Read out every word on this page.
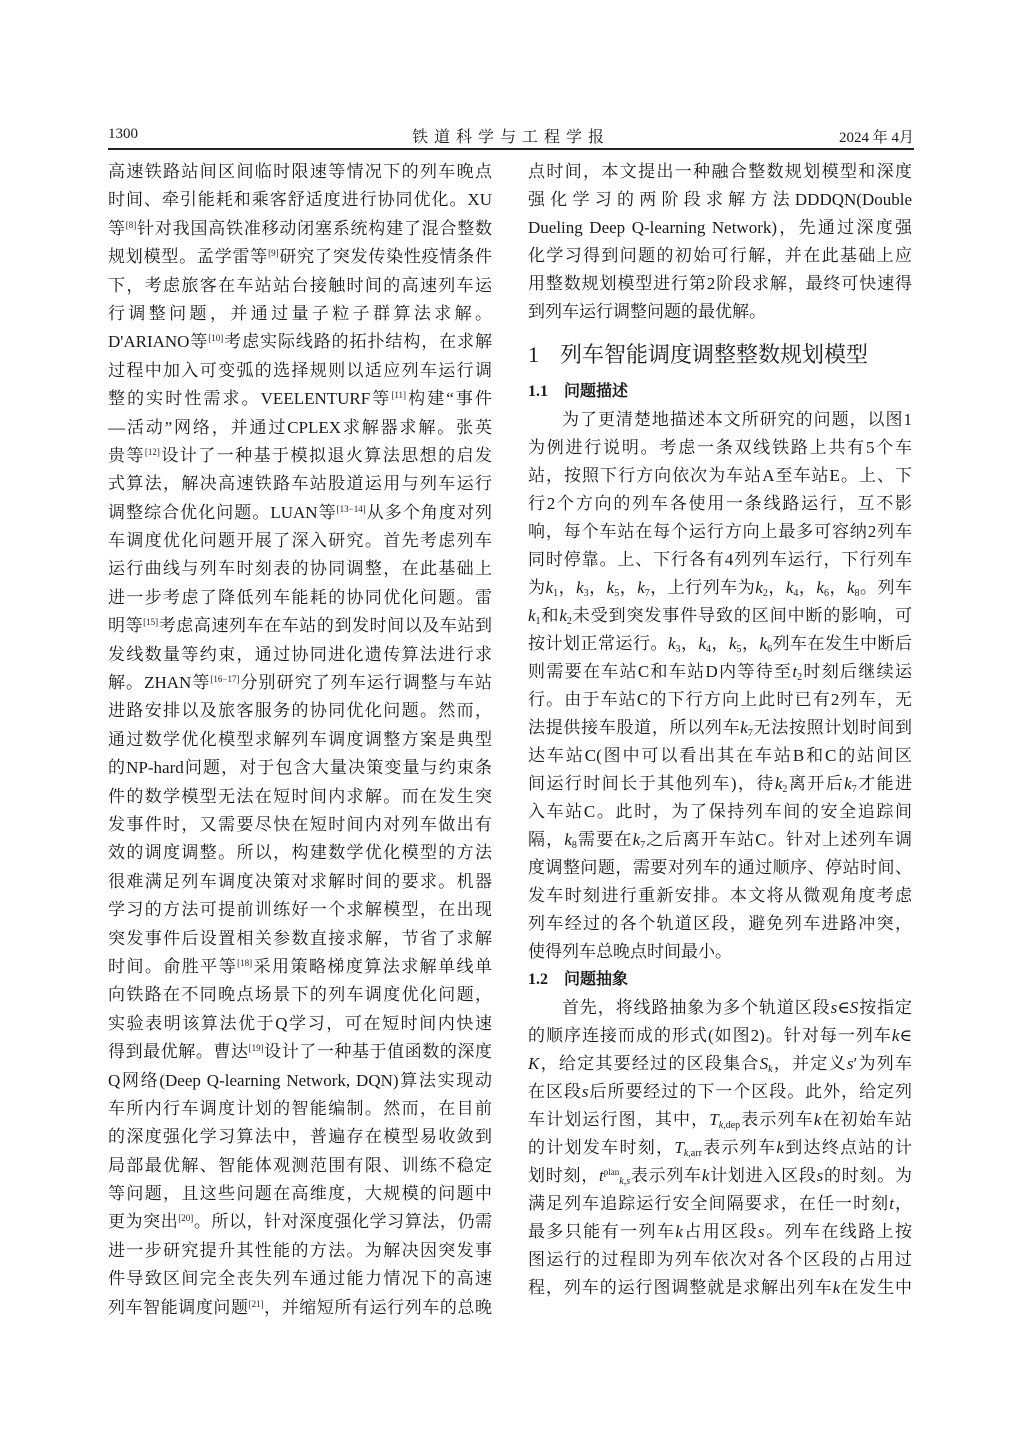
1300	铁道科学与工程学报	2024 年 4月
高速铁路站间区间临时限速等情况下的列车晚点
时间、牵引能耗和乘客舒适度进行协同优化。XU
等[8]针对我国高铁准移动闭塞系统构建了混合整数
规划模型。孟学雷等[9]研究了突发传染性疫情条件
下，考虑旅客在车站站台接触时间的高速列车运
行调整问题，并通过量子粒子群算法求解。
D'ARIANO等[10]考虑实际线路的拓扑结构，在求解
过程中加入可变弧的选择规则以适应列车运行调
整的实时性需求。VEELENTURF等[11]构建“事件
—活动”网络，并通过CPLEX求解器求解。张英
贵等[12]设计了一种基于模拟退火算法思想的启发
式算法，解决高速铁路车站股道运用与列车运行
调整综合优化问题。LUAN等[13−14]从多个角度对列
车调度优化问题开展了深入研究。首先考虑列车
运行曲线与列车时刻表的协同调整，在此基础上
进一步考虑了降低列车能耗的协同优化问题。雷
明等[15]考虑高速列车在车站的到发时间以及车站到
发线数量等约束，通过协同进化遗传算法进行求
解。ZHAN等[16−17]分别研究了列车运行调整与车站
进路安排以及旅客服务的协同优化问题。然而，
通过数学优化模型求解列车调度调整方案是典型
的NP-hard问题，对于包含大量决策变量与约束条
件的数学模型无法在短时间内求解。而在发生突
发事件时，又需要尽快在短时间内对列车做出有
效的调度调整。所以，构建数学优化模型的方法
很难满足列车调度决策对求解时间的要求。机器
学习的方法可提前训练好一个求解模型，在出现
突发事件后设置相关参数直接求解，节省了求解
时间。俞胜平等[18]采用策略梯度算法求解单线单
向铁路在不同晚点场景下的列车调度优化问题，
实验表明该算法优于Q学习，可在短时间内快速
得到最优解。曹达[19]设计了一种基于值函数的深度
Q网络(Deep Q-learning Network, DQN)算法实现动
车所内行车调度计划的智能编制。然而，在目前
的深度强化学习算法中，普遍存在模型易收敛到
局部最优解、智能体观测范围有限、训练不稳定
等问题，且这些问题在高维度，大规模的问题中
更为突出[20]。所以，针对深度强化学习算法，仍需
进一步研究提升其性能的方法。为解决因突发事
件导致区间完全丧失列车通过能力情况下的高速
列车智能调度问题[21]，并缩短所有运行列车的总晚
点时间，本文提出一种融合整数规划模型和深度
强化学习的两阶段求解方法DDDQN(Double
Dueling Deep Q-learning Network)，先通过深度强
化学习得到问题的初始可行解，并在此基础上应
用整数规划模型进行第2阶段求解，最终可快速得
到列车运行调整问题的最优解。
1 列车智能调度调整整数规划模型
1.1 问题描述
为了更清楚地描述本文所研究的问题，以图1
为例进行说明。考虑一条双线铁路上共有5个车
站，按照下行方向依次为车站A至车站E。上、下
行2个方向的列车各使用一条线路运行，互不影
响，每个车站在每个运行方向上最多可容纳2列车
同时停靠。上、下行各有4列列车运行，下行列车
为$k_1$，$k_3$，$k_5$，$k_7$，上行列车为$k_2$，$k_4$，$k_6$，$k_8$。列车
$k_1$和$k_2$未受到突发事件导致的区间中断的影响，可
按计划正常运行。$k_3$，$k_4$，$k_5$，$k_6$列车在发生中断后
则需要在车站C和车站D内等待至$t_2$时刻后继续运
行。由于车站C的下行方向上此时已有2列车，无
法提供接车股道，所以列车$k_7$无法按照计划时间到
达车站C(图中可以看出其在车站B和C的站间区
间运行时间长于其他列车)，待$k_2$离开后$k_7$才能进
入车站C。此时，为了保持列车间的安全追踪间
隔，$k_8$需要在$k_7$之后离开车站C。针对上述列车调
度调整问题，需要对列车的通过顺序、停站时间、
发车时刻进行重新安排。本文将从微观角度考虑
列车经过的各个轨道区段，避免列车进路冲突，
使得列车总晚点时间最小。
1.2 问题抽象
首先，将线路抽象为多个轨道区段s∈S按指定
的顺序连接而成的形式(如图2)。针对每一列车k∈
K，给定其要经过的区段集合$S_k$，并定义s′为列车
在区段s后所要经过的下一个区段。此外，给定列
车计划运行图，其中，$T_{k,dep}$表示列车k在初始车站
的计划发车时刻，$T_{k,arr}$表示列车k到达终点站的计
划时刻，$t^{plan}_{k,s}$表示列车k计划进入区段s的时刻。为
满足列车追踪运行安全间隔要求，在任一时刻t，
最多只能有一列车k占用区段s。列车在线路上按
图运行的过程即为列车依次对各个区段的占用过
程，列车的运行图调整就是求解出列车k在发生中
